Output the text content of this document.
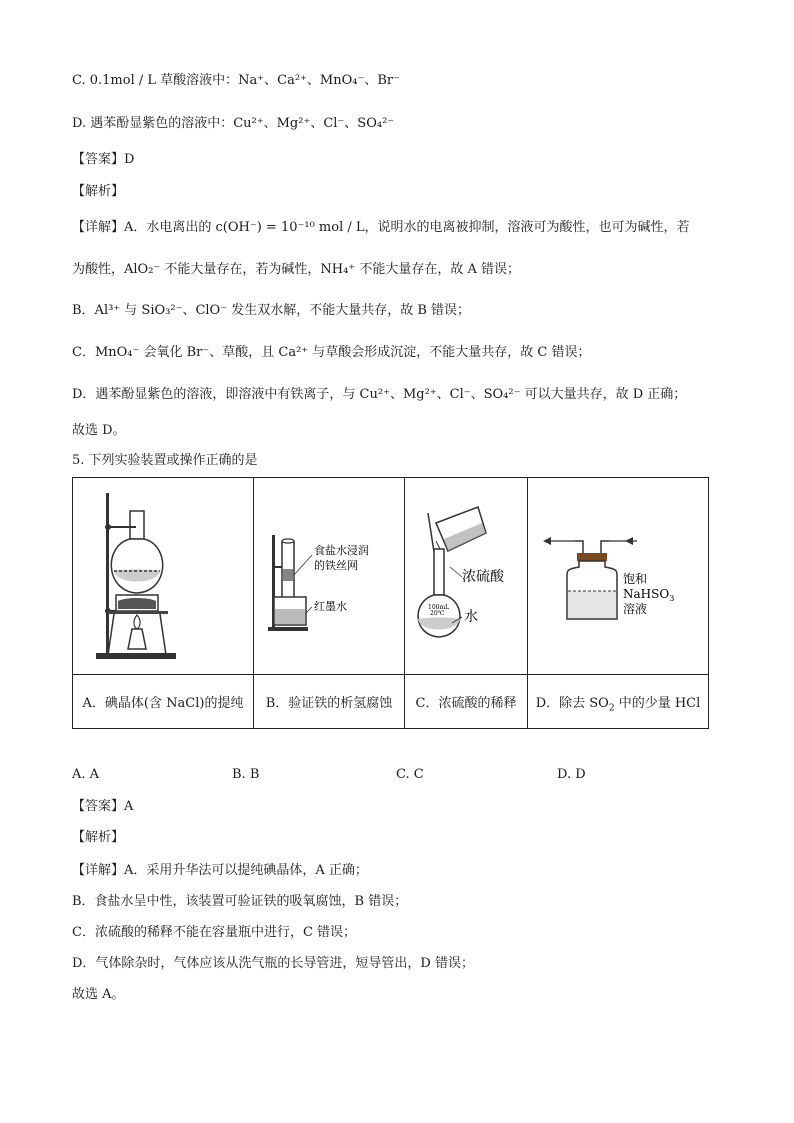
C. 0.1mol / L 草酸溶液中：Na⁺、Ca²⁺、MnO₄⁻、Br⁻
D. 遇苯酚显紫色的溶液中：Cu²⁺、Mg²⁺、Cl⁻、SO₄²⁻
【答案】D
【解析】
【详解】A．水电离出的 c(OH⁻) = 10⁻¹⁰ mol / L，说明水的电离被抑制，溶液可为酸性，也可为碱性，若
为酸性，AlO₂⁻ 不能大量存在，若为碱性，NH₄⁺ 不能大量存在，故 A 错误；
B．Al³⁺ 与 SiO₃²⁻、ClO⁻ 发生双水解，不能大量共存，故 B 错误；
C．MnO₄⁻ 会氧化 Br⁻、草酸，且 Ca²⁺ 与草酸会形成沉淀，不能大量共存，故 C 错误；
D．遇苯酚显紫色的溶液，即溶液中有铁离子，与 Cu²⁺、Mg²⁺、Cl⁻、SO₄²⁻ 可以大量共存，故 D 正确；
故选 D。
5. 下列实验装置或操作正确的是

食盐水浸润
的铁丝网
红墨水	100mL
20℃
浓硫酸
水	饱和
NaHSO$_3$
溶液

A．碘晶体(含 NaCl)的提纯	B．验证铁的析氢腐蚀	C．浓硫酸的稀释	D．除去 $SO_2$ 中的少量 HCl
A. A	B. B	C. C	D. D
【答案】A
【解析】
【详解】A．采用升华法可以提纯碘晶体，A 正确；
B．食盐水呈中性，该装置可验证铁的吸氧腐蚀，B 错误；
C．浓硫酸的稀释不能在容量瓶中进行，C 错误；
D．气体除杂时，气体应该从洗气瓶的长导管进，短导管出，D 错误；
故选 A。
